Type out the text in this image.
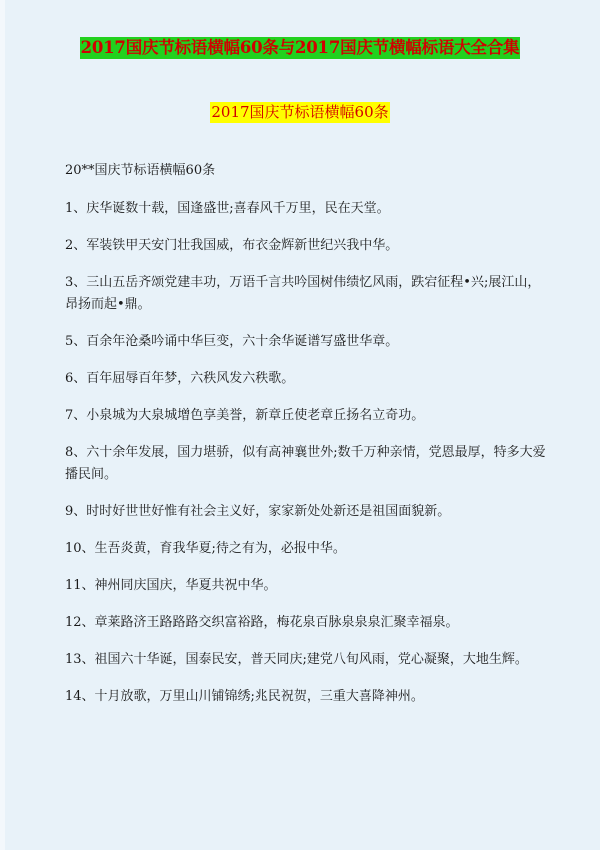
2017国庆节标语横幅60条与2017国庆节横幅标语大全合集
2017国庆节标语横幅60条

20**国庆节标语横幅60条

1、庆华诞数十载，国逢盛世;喜春风千万里，民在天堂。

2、军装铁甲天安门壮我国威，布衣金辉新世纪兴我中华。

3、三山五岳齐颂党建丰功，万语千言共吟国树伟绩忆风雨，跌宕征程•兴;展江山，昂扬而起•鼎。

5、百余年沧桑吟诵中华巨变，六十余华诞谱写盛世华章。

6、百年屈辱百年梦，六秩风发六秩歌。

7、小泉城为大泉城增色享美誉，新章丘使老章丘扬名立奇功。

8、六十余年发展，国力堪骄，似有高神襄世外;数千万种亲情，党恩最厚，特多大爱播民间。

9、时时好世世好惟有社会主义好，家家新处处新还是祖国面貌新。

10、生吾炎黄，育我华夏;待之有为，必报中华。

11、神州同庆国庆，华夏共祝中华。

12、章莱路济王路路路交织富裕路，梅花泉百脉泉泉泉汇聚幸福泉。

13、祖国六十华诞，国泰民安，普天同庆;建党八旬风雨，党心凝聚，大地生辉。

14、十月放歌，万里山川铺锦绣;兆民祝贺，三重大喜降神州。
